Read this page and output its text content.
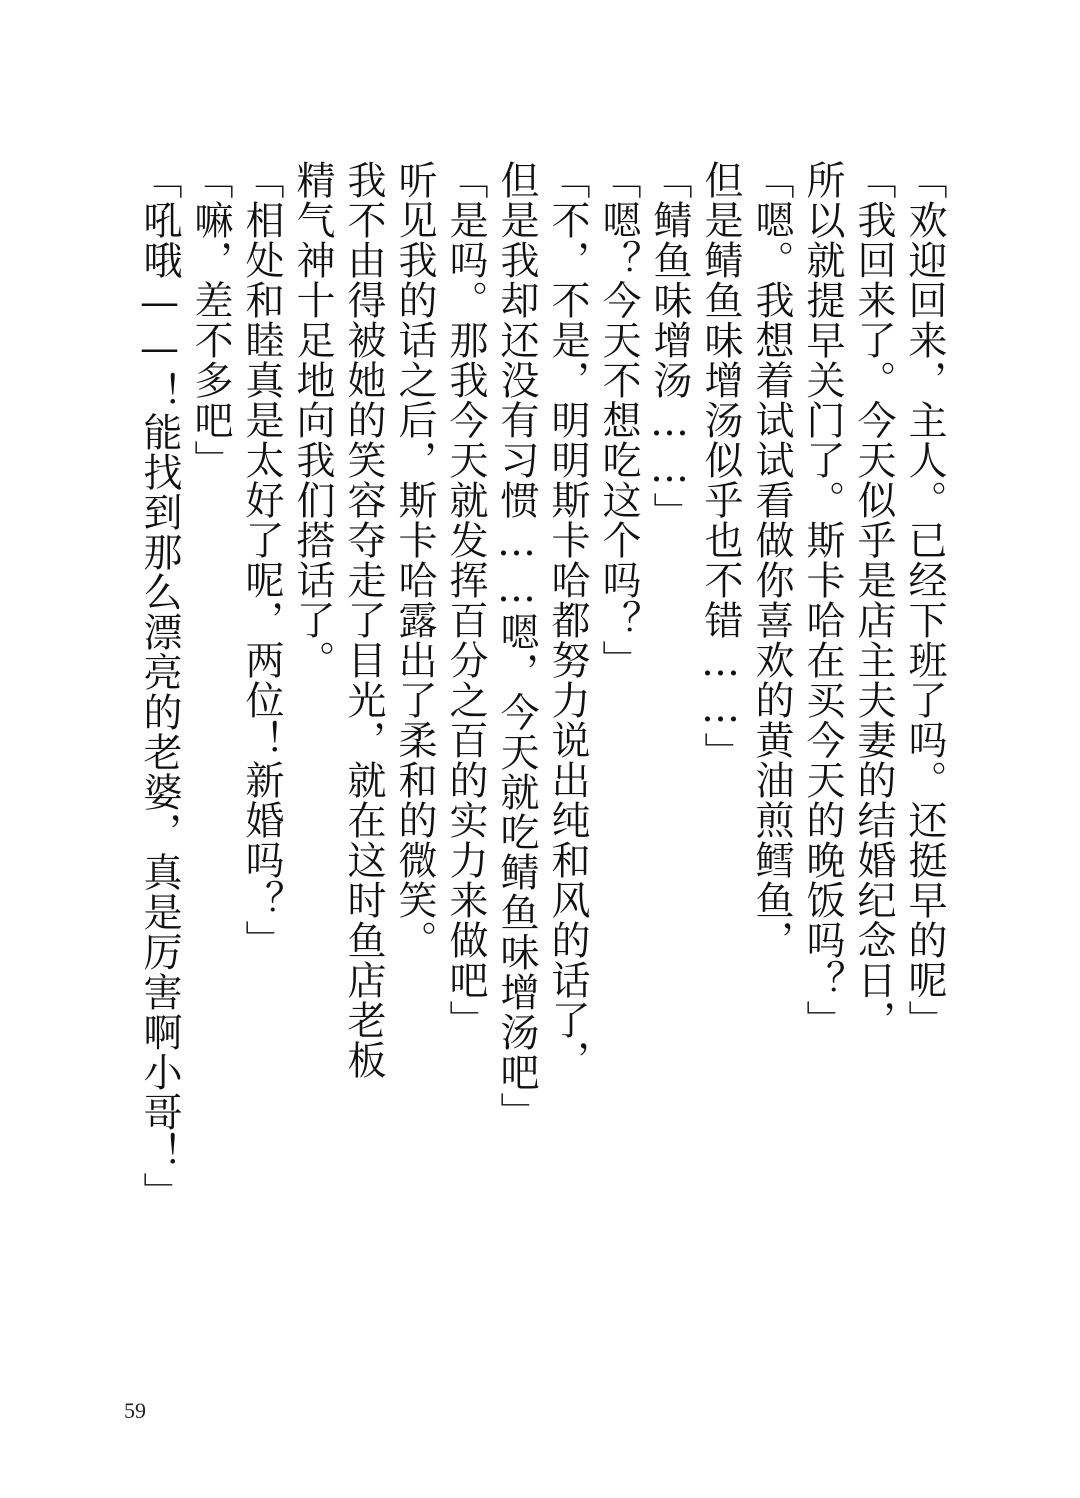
「欢迎回来，主人。已经下班了吗。还挺早的呢」

「我回来了。今天似乎是店主夫妻的结婚纪念日，

所以就提早关门了。斯卡哈在买今天的晚饭吗？」

「嗯。我想着试试看做你喜欢的黄油煎鳕鱼，

但是鲭鱼味增汤似乎也不错……」

「鲭鱼味增汤……」

「嗯？今天不想吃这个吗？」

「不，不是，明明斯卡哈都努力说出纯和风的话了，

但是我却还没有习惯……嗯，今天就吃鲭鱼味增汤吧」

「是吗。那我今天就发挥百分之百的实力来做吧」

听见我的话之后，斯卡哈露出了柔和的微笑。

我不由得被她的笑容夺走了目光，就在这时鱼店老板

精气神十足地向我们搭话了。

「相处和睦真是太好了呢，两位！新婚吗？」

「嘛，差不多吧」

「吼哦——！能找到那么漂亮的老婆，真是厉害啊小哥！」

59
